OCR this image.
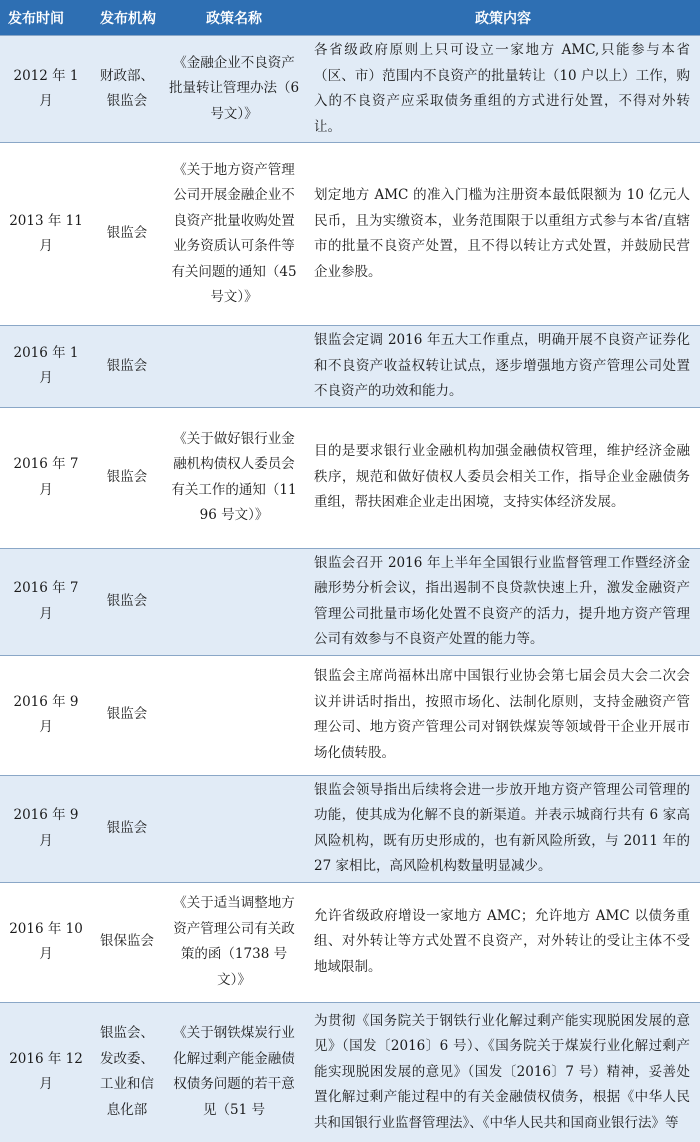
发布时间	发布机构	政策名称	政策内容
2012 年 1 月	财政部、银监会	《金融企业不良资产批量转让管理办法（6 号文）》	各省级政府原则上只可设立一家地方 AMC,只能参与本省（区、市）范围内不良资产的批量转让（10 户以上）工作，购入的不良资产应采取债务重组的方式进行处置，不得对外转让。
2013 年 11 月	银监会	《关于地方资产管理公司开展金融企业不良资产批量收购处置业务资质认可条件等有关问题的通知（45 号文）》	划定地方 AMC 的准入门槛为注册资本最低限额为 10 亿元人民币，且为实缴资本，业务范围限于以重组方式参与本省/直辖市的批量不良资产处置，且不得以转让方式处置，并鼓励民营企业参股。
2016 年 1 月	银监会		银监会定调 2016 年五大工作重点，明确开展不良资产证券化和不良资产收益权转让试点，逐步增强地方资产管理公司处置不良资产的功效和能力。
2016 年 7 月	银监会	《关于做好银行业金融机构债权人委员会有关工作的通知（1196 号文）》	目的是要求银行业金融机构加强金融债权管理，维护经济金融秩序，规范和做好债权人委员会相关工作，指导企业金融债务重组，帮扶困难企业走出困境，支持实体经济发展。
2016 年 7 月	银监会		银监会召开 2016 年上半年全国银行业监督管理工作暨经济金融形势分析会议，指出遏制不良贷款快速上升，激发金融资产管理公司批量市场化处置不良资产的活力，提升地方资产管理公司有效参与不良资产处置的能力等。
2016 年 9 月	银监会		银监会主席尚福林出席中国银行业协会第七届会员大会二次会议并讲话时指出，按照市场化、法制化原则，支持金融资产管理公司、地方资产管理公司对钢铁煤炭等领域骨干企业开展市场化债转股。
2016 年 9 月	银监会		银监会领导指出后续将会进一步放开地方资产管理公司管理的功能，使其成为化解不良的新渠道。并表示城商行共有 6 家高风险机构，既有历史形成的，也有新风险所致，与 2011 年的 27 家相比，高风险机构数量明显减少。
2016 年 10 月	银保监会	《关于适当调整地方资产管理公司有关政策的函（1738 号文）》	允许省级政府增设一家地方 AMC；允许地方 AMC 以债务重组、对外转让等方式处置不良资产，对外转让的受让主体不受地域限制。
2016 年 12 月	银监会、发改委、工业和信息化部	《关于钢铁煤炭行业化解过剩产能金融债权债务问题的若干意见（51 号	为贯彻《国务院关于钢铁行业化解过剩产能实现脱困发展的意见》（国发〔2016〕6 号）、《国务院关于煤炭行业化解过剩产能实现脱困发展的意见》（国发〔2016〕7 号）精神，妥善处置化解过剩产能过程中的有关金融债权债务，根据《中华人民共和国银行业监督管理法》、《中华人民共和国商业银行法》等
